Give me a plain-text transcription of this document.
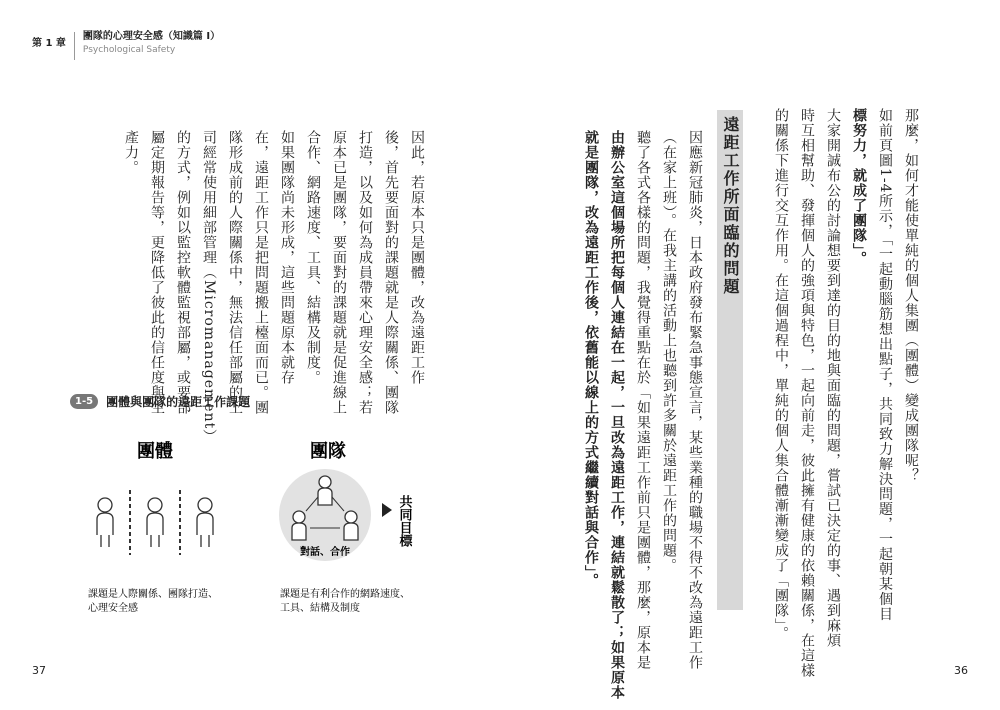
第 1 章
團隊的心理安全感（知識篇 I）
Psychological Safety
那麼，如何才能使單純的個人集團（團體）變成團隊呢？
如前頁圖1-4所示，「一起動腦筋想出點子，共同致力解決問題，一起朝某個目
標努力，就成了團隊」。
大家開誠布公的討論想要到達的目的地與面臨的問題，嘗試已決定的事、遇到麻煩
時互相幫助、發揮個人的強項與特色，一起向前走，彼此擁有健康的依賴關係，在這樣
的關係下進行交互作用。在這個過程中，單純的個人集合體漸漸變成了「團隊」。
遠距工作所面臨的問題
因應新冠肺炎，日本政府發布緊急事態宣言，某些業種的職場不得不改為遠距工作
（在家上班）。在我主講的活動上也聽到許多關於遠距工作的問題。
聽了各式各樣的問題，我覺得重點在於「如果遠距工作前只是團體，那麼，原本是
由辦公室這個場所把每個人連結在一起，一旦改為遠距工作，連結就鬆散了；如果原本
就是團隊，改為遠距工作後，依舊能以線上的方式繼續對話與合作」。
因此，若原本只是團體，改為遠距工作
後，首先要面對的課題就是人際關係、團隊
打造，以及如何為成員帶來心理安全感；若
原本已是團隊，要面對的課題就是促進線上
合作、網路速度、工具、結構及制度。
如果團隊尚未形成，這些問題原本就存
在，遠距工作只是把問題搬上檯面而已。團
隊形成前的人際關係中，無法信任部屬的上
司經常使用細部管理（Micromanagement）
的方式，例如以監控軟體監視部屬，或要部
屬定期報告等，更降低了彼此的信任度與生
產力。
1-5	團體與團隊的遠距工作課題
團體	團隊
對話、合作
共同目標
課題是人際關係、團隊打造、
心理安全感
課題是有利合作的網路速度、
工具、結構及制度
37	36
